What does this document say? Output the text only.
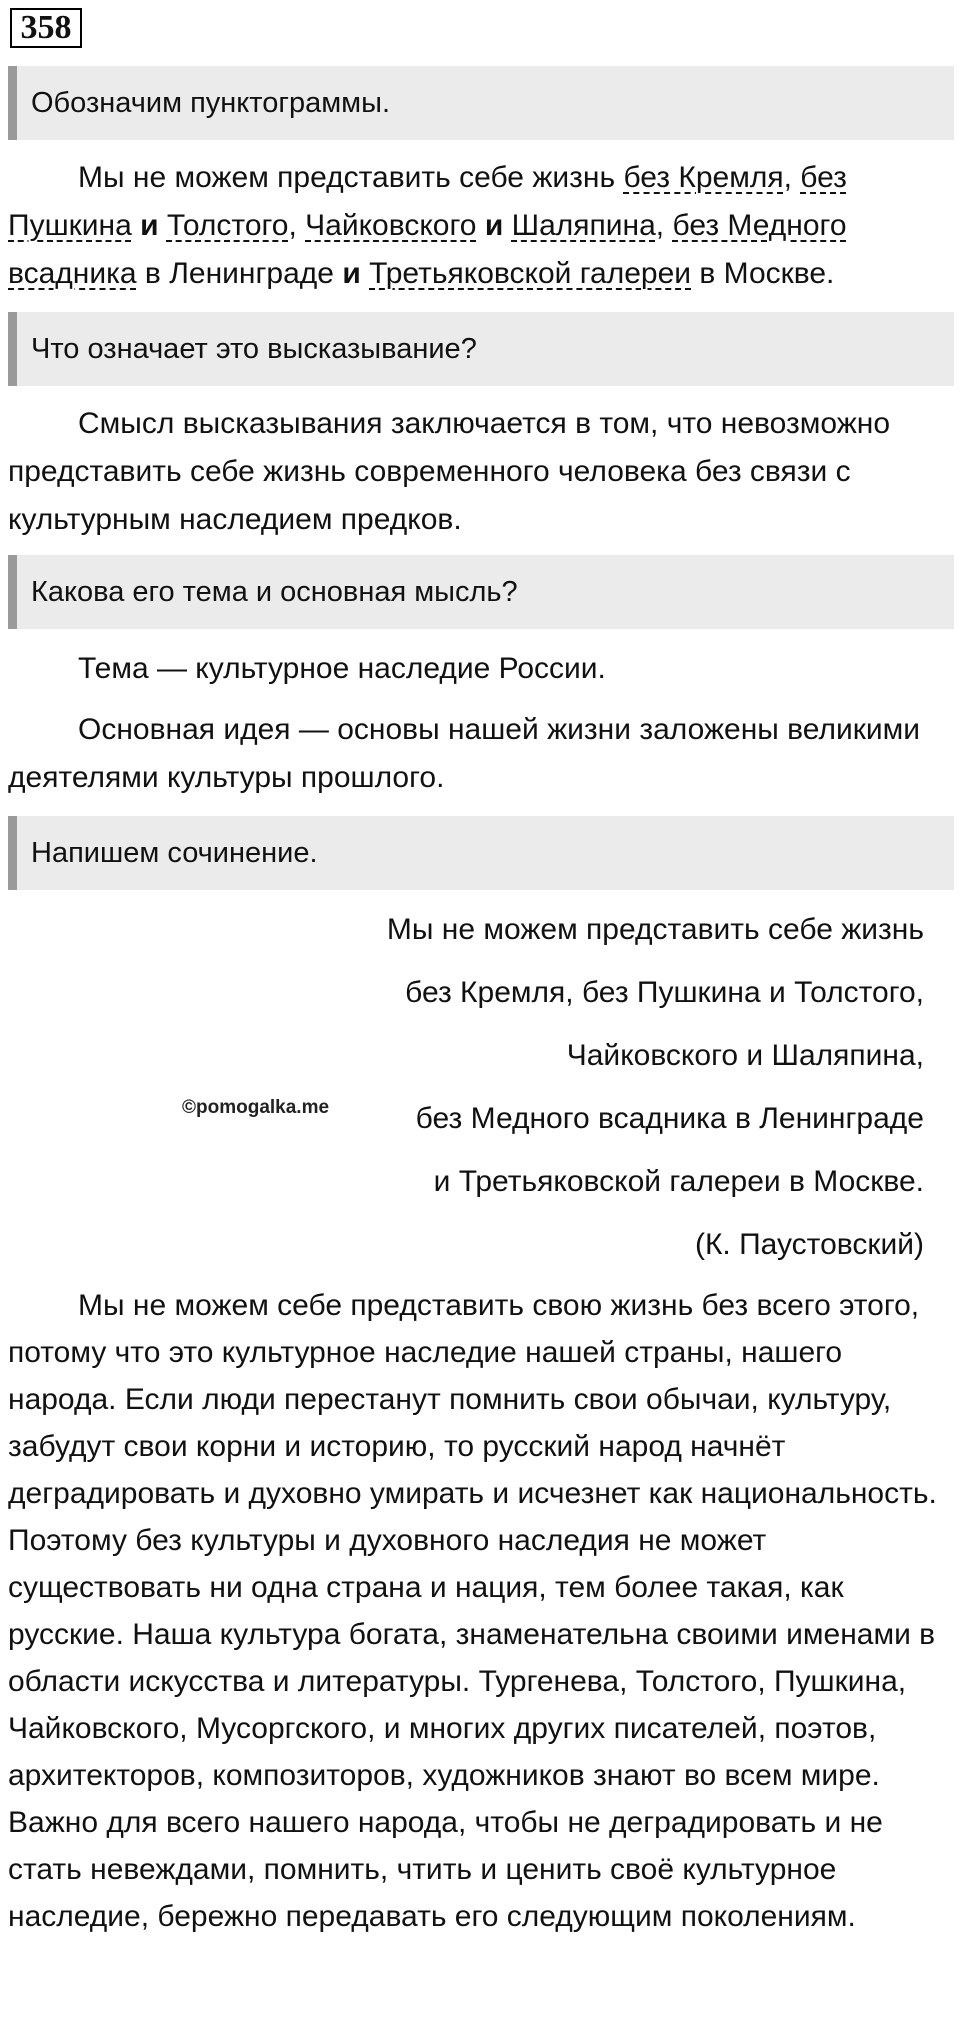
358
Обозначим пунктограммы.

Мы не можем представить себе жизнь без Кремля, без Пушкина и Толстого, Чайковского и Шаляпина, без Медного всадника в Ленинграде и Третьяковской галереи в Москве.

Что означает это высказывание?

Смысл высказывания заключается в том, что невозможно представить себе жизнь современного человека без связи с культурным наследием предков.

Какова его тема и основная мысль?

Тема — культурное наследие России.

Основная идея — основы нашей жизни заложены великими деятелями культуры прошлого.

Напишем сочинение.
Мы не можем представить себе жизнь
без Кремля, без Пушкина и Толстого,
Чайковского и Шаляпина,
без Медного всадника в Ленинграде
и Третьяковской галереи в Москве.
(К. Паустовский)
©pomogalka.me

Мы не можем себе представить свою жизнь без всего этого, потому что это культурное наследие нашей страны, нашего народа. Если люди перестанут помнить свои обычаи, культуру, забудут свои корни и историю, то русский народ начнёт деградировать и духовно умирать и исчезнет как национальность. Поэтому без культуры и духовного наследия не может существовать ни одна страна и нация, тем более такая, как русские. Наша культура богата, знаменательна своими именами в области искусства и литературы. Тургенева, Толстого, Пушкина, Чайковского, Мусоргского, и многих других писателей, поэтов, архитекторов, композиторов, художников знают во всем мире. Важно для всего нашего народа, чтобы не деградировать и не стать невеждами, помнить, чтить и ценить своё культурное наследие, бережно передавать его следующим поколениям.
